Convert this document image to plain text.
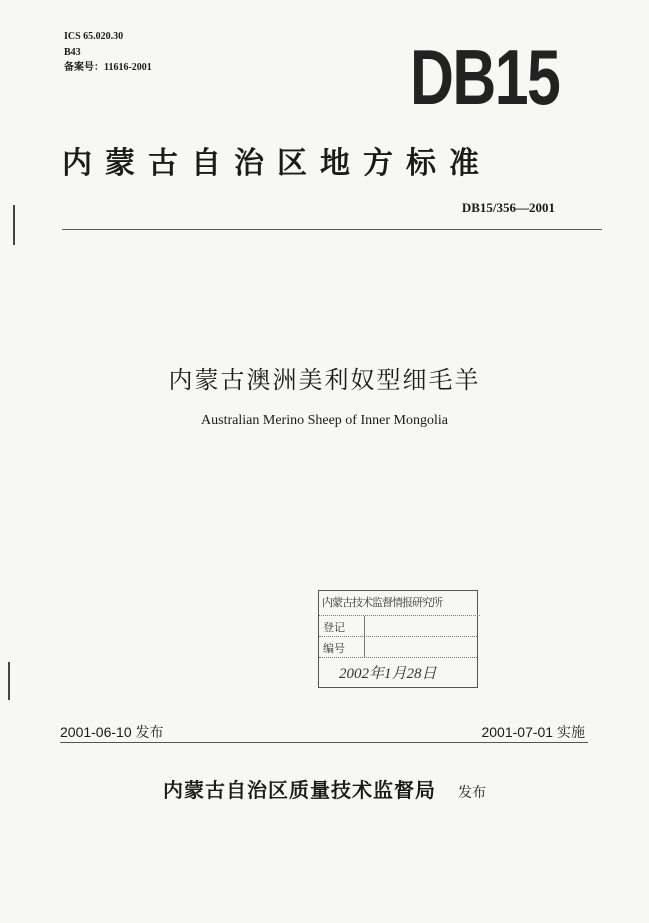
ICS 65.020.30
B43
备案号：11616-2001	DB15
内蒙古自治区地方标准
DB15/356—2001
内蒙古澳洲美利奴型细毛羊
Australian Merino Sheep of Inner Mongolia
内蒙古技术监督情报研究所
登记
编号
2002年1月28日
2001-06-10 发布	2001-07-01 实施
内蒙古自治区质量技术监督局 发布
